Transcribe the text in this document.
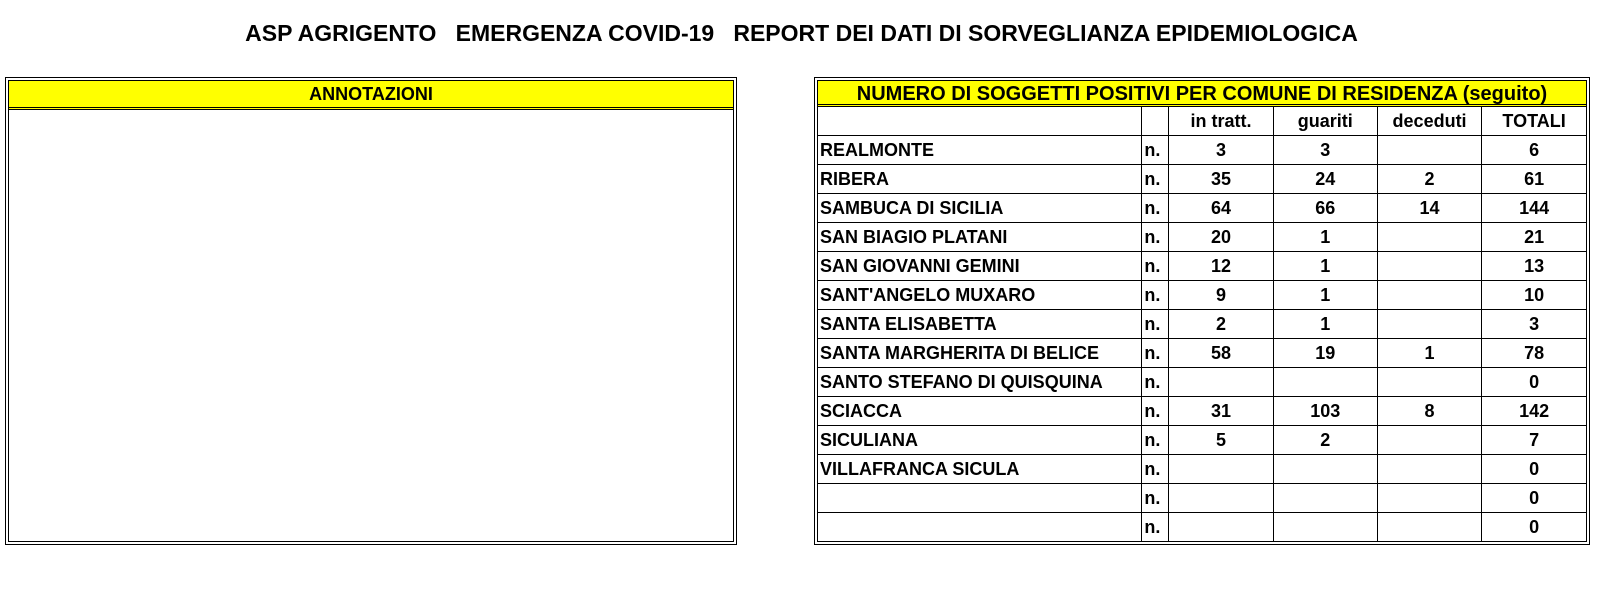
ASP AGRIGENTO   EMERGENZA COVID-19   REPORT DEI DATI DI SORVEGLIANZA EPIDEMIOLOGICA
ANNOTAZIONI	NUMERO DI SOGGETTI POSITIVI PER COMUNE DI RESIDENZA (seguito)
		in tratt.	guariti	deceduti	TOTALI
REALMONTE	n.	3	3		6
RIBERA	n.	35	24	2	61
SAMBUCA DI SICILIA	n.	64	66	14	144
SAN BIAGIO PLATANI	n.	20	1		21
SAN GIOVANNI GEMINI	n.	12	1		13
SANT'ANGELO MUXARO	n.	9	1		10
SANTA ELISABETTA	n.	2	1		3
SANTA MARGHERITA DI BELICE	n.	58	19	1	78
SANTO STEFANO DI QUISQUINA	n.				0
SCIACCA	n.	31	103	8	142
SICULIANA	n.	5	2		7
VILLAFRANCA SICULA	n.				0
	n.				0
	n.				0
